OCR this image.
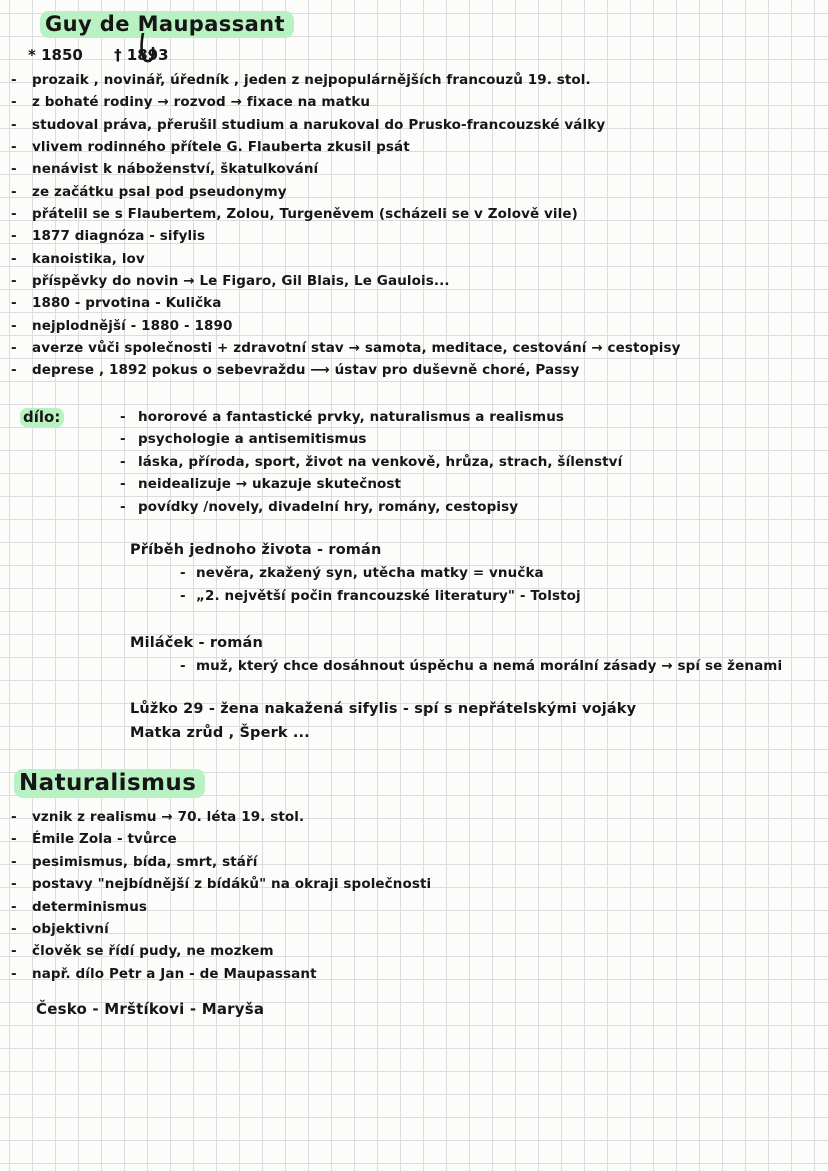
Guy de Maupassant
* 1850 † 1893
- prozaik , novinář, úředník , jeden z nejpopulárnějších francouzů 19. stol.
- z bohaté rodiny → rozvod → fixace na matku
- studoval práva, přerušil studium a narukoval do Prusko-francouzské války
- vlivem rodinného přítele G. Flauberta zkusil psát
- nenávist k náboženství, škatulkování
- ze začátku psal pod pseudonymy
- přátelil se s Flaubertem, Zolou, Turgeněvem (scházeli se v Zolově vile)
- 1877 diagnóza - sifylis
- kanoistika, lov
- příspěvky do novin → Le Figaro, Gil Blais, Le Gaulois...
- 1880 - prvotina - Kulička
- nejplodnější - 1880 - 1890
- averze vůči společnosti + zdravotní stav → samota, meditace, cestování → cestopisy
- deprese , 1892 pokus o sebevraždu ⟶ ústav pro duševně choré, Passy
dílo:	- hororové a fantastické prvky, naturalismus a realismus
- psychologie a antisemitismus
- láska, příroda, sport, život na venkově, hrůza, strach, šílenství
- neidealizuje → ukazuje skutečnost
- povídky /novely, divadelní hry, romány, cestopisy
Příběh jednoho života - román
- nevěra, zkažený syn, utěcha matky = vnučka
- „2. největší počin francouzské literatury" - Tolstoj
Miláček - román
- muž, který chce dosáhnout úspěchu a nemá morální zásady → spí se ženami
Lůžko 29 - žena nakažená sifylis - spí s nepřátelskými vojáky
Matka zrůd , Šperk ...
Naturalismus
- vznik z realismu → 70. léta 19. stol.
- Émile Zola - tvůrce
- pesimismus, bída, smrt, stáří
- postavy "nejbídnější z bídáků" na okraji společnosti
- determinismus
- objektivní
- člověk se řídí pudy, ne mozkem
- např. dílo Petr a Jan - de Maupassant
Česko - Mrštíkovi - Maryša
